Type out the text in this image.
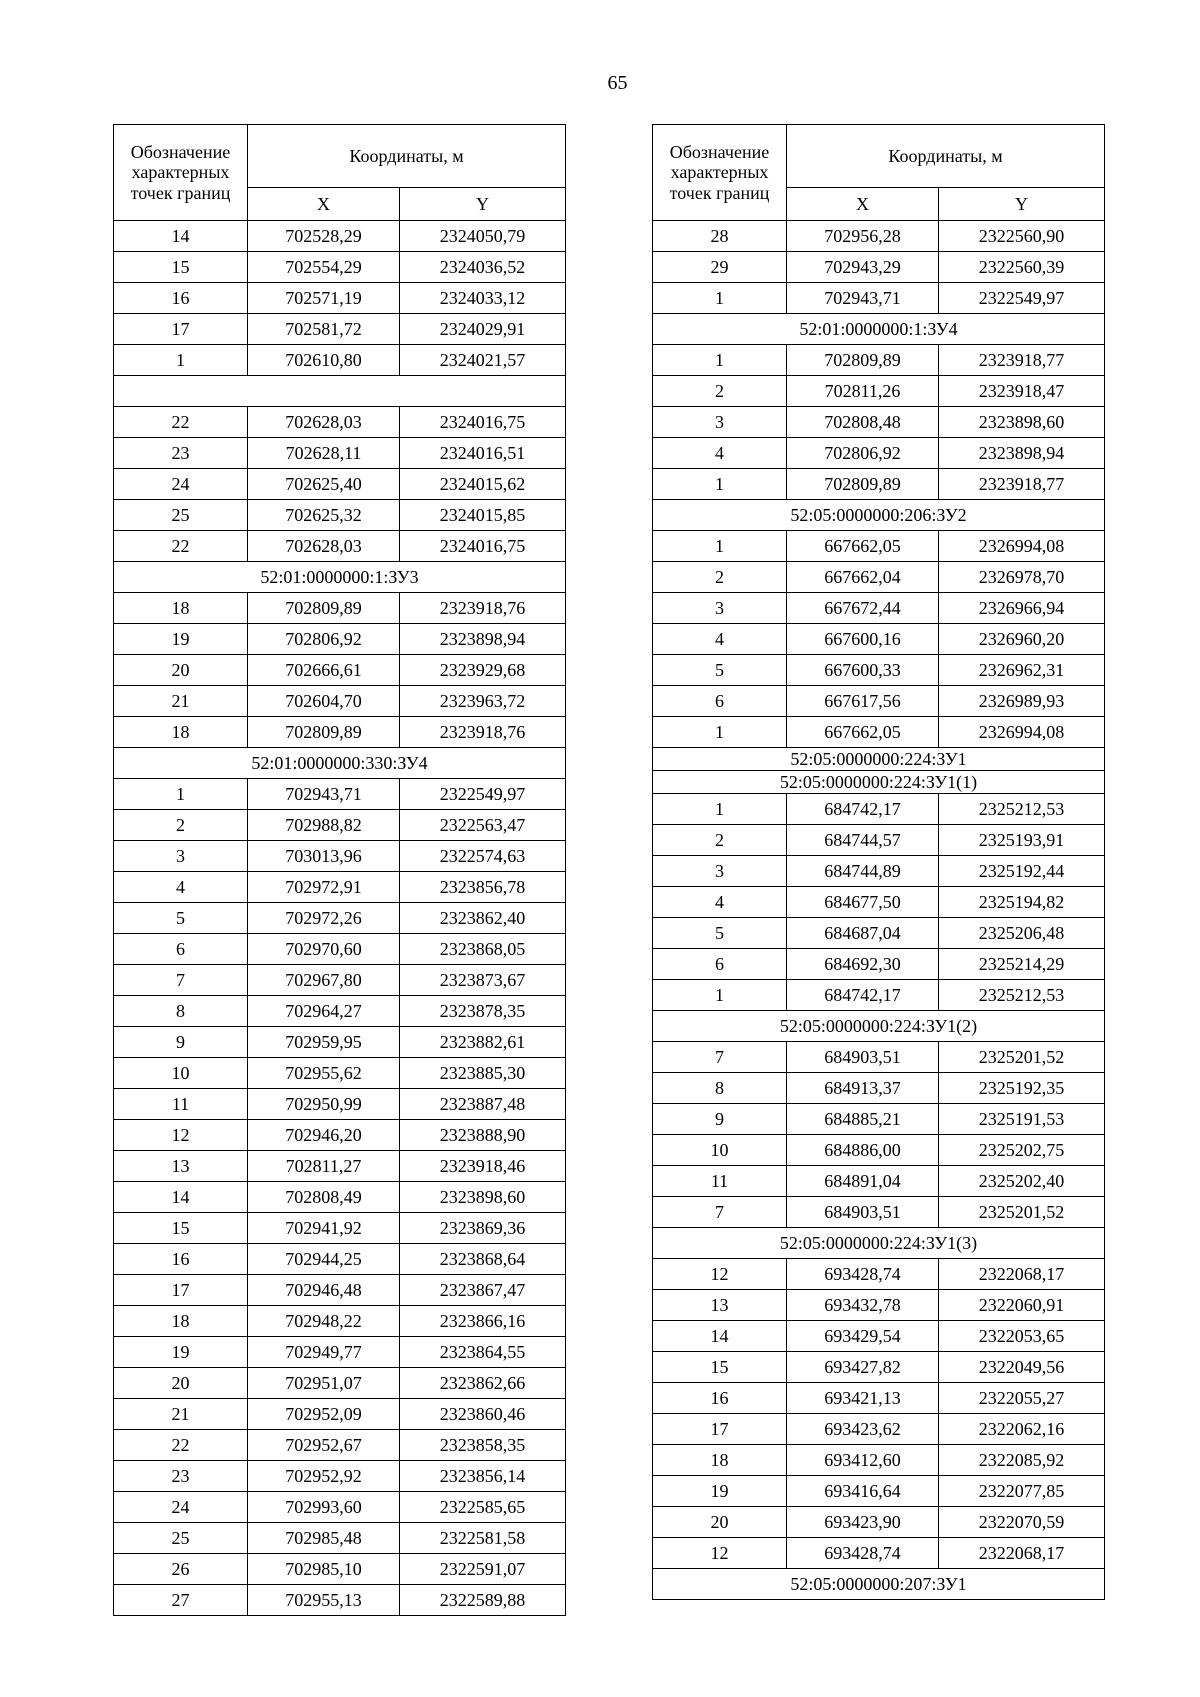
65
Обозначение характерных точек границ	Координаты, м	
	X	Y
14	702528,29	2324050,79
15	702554,29	2324036,52
16	702571,19	2324033,12
17	702581,72	2324029,91
1	702610,80	2324021,57

22	702628,03	2324016,75
23	702628,11	2324016,51
24	702625,40	2324015,62
25	702625,32	2324015,85
22	702628,03	2324016,75
52:01:0000000:1:ЗУ3		
18	702809,89	2323918,76
19	702806,92	2323898,94
20	702666,61	2323929,68
21	702604,70	2323963,72
18	702809,89	2323918,76
52:01:0000000:330:ЗУ4		
1	702943,71	2322549,97
2	702988,82	2322563,47
3	703013,96	2322574,63
4	702972,91	2323856,78
5	702972,26	2323862,40
6	702970,60	2323868,05
7	702967,80	2323873,67
8	702964,27	2323878,35
9	702959,95	2323882,61
10	702955,62	2323885,30
11	702950,99	2323887,48
12	702946,20	2323888,90
13	702811,27	2323918,46
14	702808,49	2323898,60
15	702941,92	2323869,36
16	702944,25	2323868,64
17	702946,48	2323867,47
18	702948,22	2323866,16
19	702949,77	2323864,55
20	702951,07	2323862,66
21	702952,09	2323860,46
22	702952,67	2323858,35
23	702952,92	2323856,14
24	702993,60	2322585,65
25	702985,48	2322581,58
26	702985,10	2322591,07
27	702955,13	2322589,88
Обозначение характерных точек границ	Координаты, м	
	X	Y
28	702956,28	2322560,90
29	702943,29	2322560,39
1	702943,71	2322549,97
52:01:0000000:1:ЗУ4		
1	702809,89	2323918,77
2	702811,26	2323918,47
3	702808,48	2323898,60
4	702806,92	2323898,94
1	702809,89	2323918,77
52:05:0000000:206:ЗУ2		
1	667662,05	2326994,08
2	667662,04	2326978,70
3	667672,44	2326966,94
4	667600,16	2326960,20
5	667600,33	2326962,31
6	667617,56	2326989,93
1	667662,05	2326994,08
52:05:0000000:224:ЗУ1		
52:05:0000000:224:ЗУ1(1)		
1	684742,17	2325212,53
2	684744,57	2325193,91
3	684744,89	2325192,44
4	684677,50	2325194,82
5	684687,04	2325206,48
6	684692,30	2325214,29
1	684742,17	2325212,53
52:05:0000000:224:ЗУ1(2)		
7	684903,51	2325201,52
8	684913,37	2325192,35
9	684885,21	2325191,53
10	684886,00	2325202,75
11	684891,04	2325202,40
7	684903,51	2325201,52
52:05:0000000:224:ЗУ1(3)		
12	693428,74	2322068,17
13	693432,78	2322060,91
14	693429,54	2322053,65
15	693427,82	2322049,56
16	693421,13	2322055,27
17	693423,62	2322062,16
18	693412,60	2322085,92
19	693416,64	2322077,85
20	693423,90	2322070,59
12	693428,74	2322068,17
52:05:0000000:207:ЗУ1		
